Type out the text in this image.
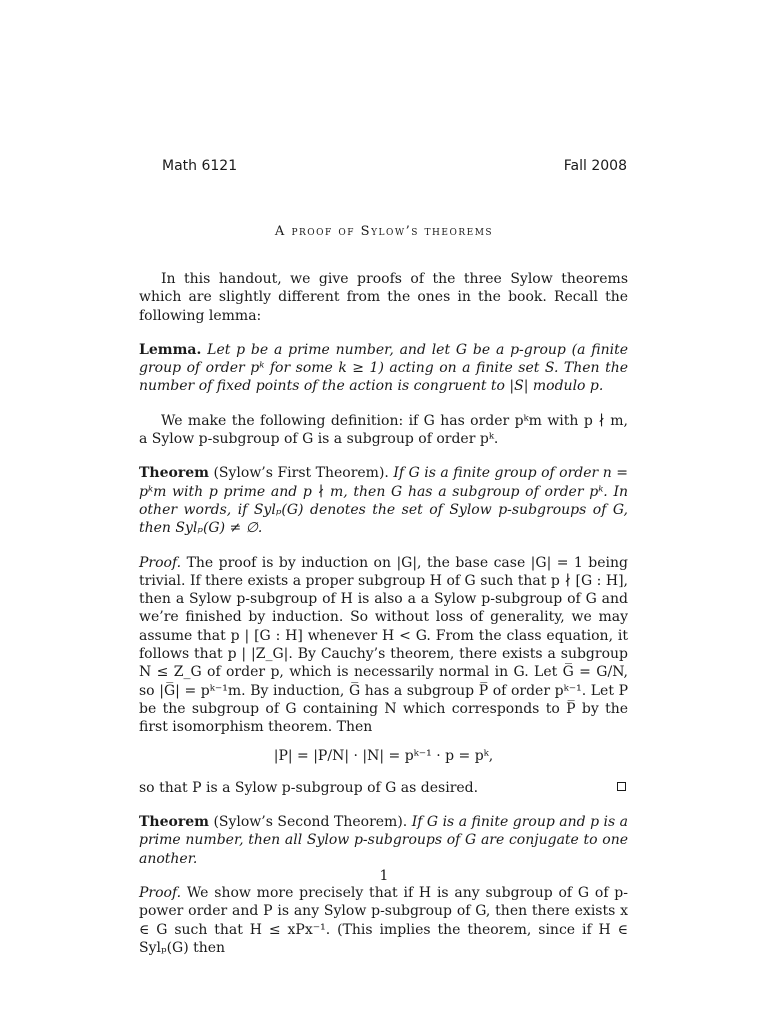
Math 6121	Fall 2008
A proof of Sylow’s theorems

In this handout, we give proofs of the three Sylow theorems which are slightly different from the ones in the book. Recall the following lemma:

Lemma. Let p be a prime number, and let G be a p-group (a finite group of order pᵏ for some k ≥ 1) acting on a finite set S. Then the number of fixed points of the action is congruent to |S| modulo p.

We make the following definition: if G has order pᵏm with p ∤ m, a Sylow p-subgroup of G is a subgroup of order pᵏ.

Theorem (Sylow’s First Theorem). If G is a finite group of order n = pᵏm with p prime and p ∤ m, then G has a subgroup of order pᵏ. In other words, if Sylₚ(G) denotes the set of Sylow p-subgroups of G, then Sylₚ(G) ≠ ∅.

Proof. The proof is by induction on |G|, the base case |G| = 1 being trivial. If there exists a proper subgroup H of G such that p ∤ [G : H], then a Sylow p-subgroup of H is also a a Sylow p-subgroup of G and we’re finished by induction. So without loss of generality, we may assume that p | [G : H] whenever H < G. From the class equation, it follows that p | |Z_G|. By Cauchy’s theorem, there exists a subgroup N ≤ Z_G of order p, which is necessarily normal in G. Let G̅ = G/N, so |G̅| = pᵏ⁻¹m. By induction, G̅ has a subgroup P̅ of order pᵏ⁻¹. Let P be the subgroup of G containing N which corresponds to P̅ by the first isomorphism theorem. Then

|P| = |P/N| · |N| = pᵏ⁻¹ · p = pᵏ,

so that P is a Sylow p-subgroup of G as desired.

Theorem (Sylow’s Second Theorem). If G is a finite group and p is a prime number, then all Sylow p-subgroups of G are conjugate to one another.

Proof. We show more precisely that if H is any subgroup of G of p-power order and P is any Sylow p-subgroup of G, then there exists x ∈ G such that H ≤ xPx⁻¹. (This implies the theorem, since if H ∈ Sylₚ(G) then

1
